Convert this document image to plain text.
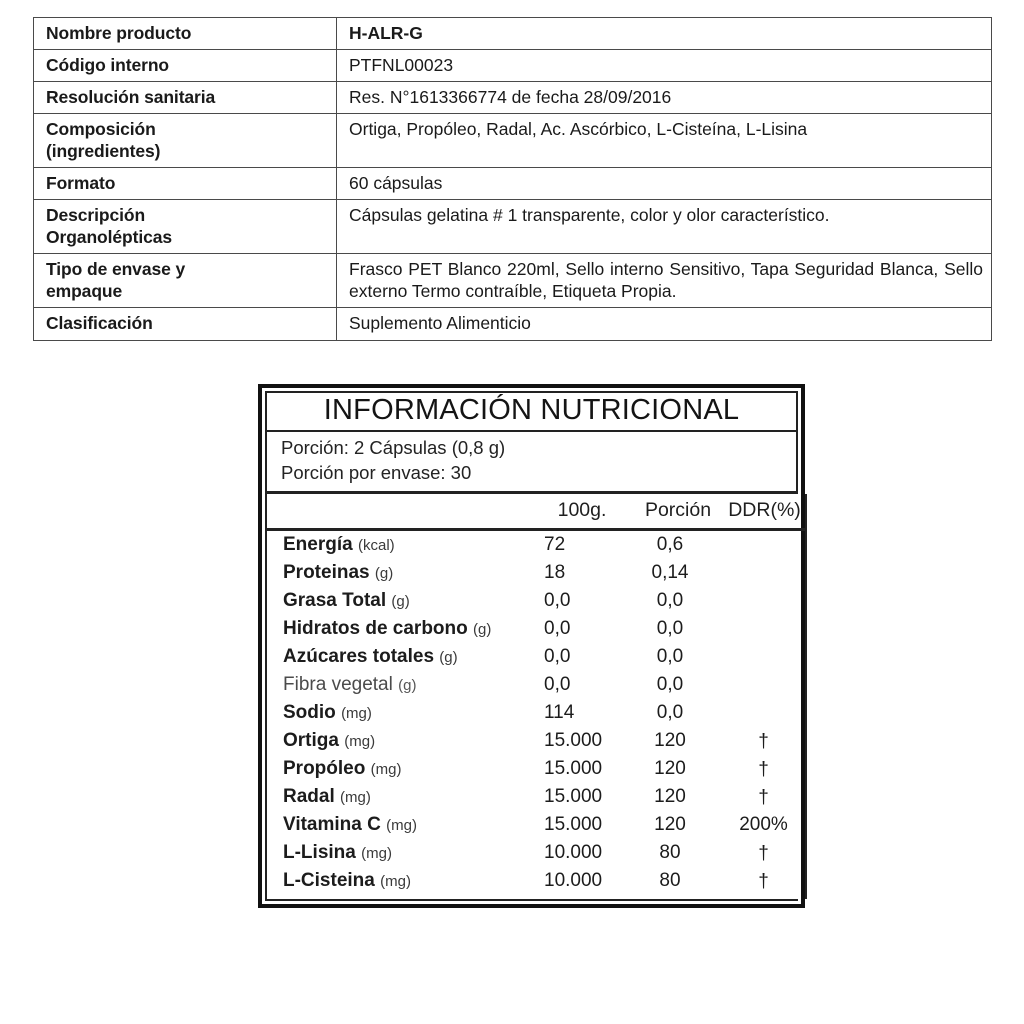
Nombre producto	H-ALR-G
Código interno	PTFNL00023
Resolución sanitaria	Res. N°1613366774 de fecha 28/09/2016

Composición
(ingredientes)	Ortiga, Propóleo, Radal, Ac. Ascórbico, L-Cisteína, L-Lisina
Formato	60 cápsulas

Descripción
Organolépticas	Cápsulas gelatina # 1 transparente, color y olor característico.

Tipo de envase y
empaque	Frasco PET Blanco 220ml, Sello interno Sensitivo, Tapa Seguridad Blanca, Sello externo Termo contraíble, Etiqueta Propia.
Clasificación	Suplemento Alimenticio
INFORMACIÓN NUTRICIONAL
Porción: 2 Cápsulas (0,8 g)
Porción por envase: 30
	100g.	Porción	DDR(%)
Energía (kcal)	72	0,6	
Proteinas (g)	18	0,14	
Grasa Total (g)	0,0	0,0	
Hidratos de carbono (g)	0,0	0,0	
Azúcares totales (g)	0,0	0,0	
Fibra vegetal (g)	0,0	0,0	
Sodio (mg)	114	0,0	
Ortiga (mg)	15.000	120	†
Propóleo (mg)	15.000	120	†
Radal (mg)	15.000	120	†
Vitamina C (mg)	15.000	120	200%
L-Lisina (mg)	10.000	80	†
L-Cisteina (mg)	10.000	80	†
